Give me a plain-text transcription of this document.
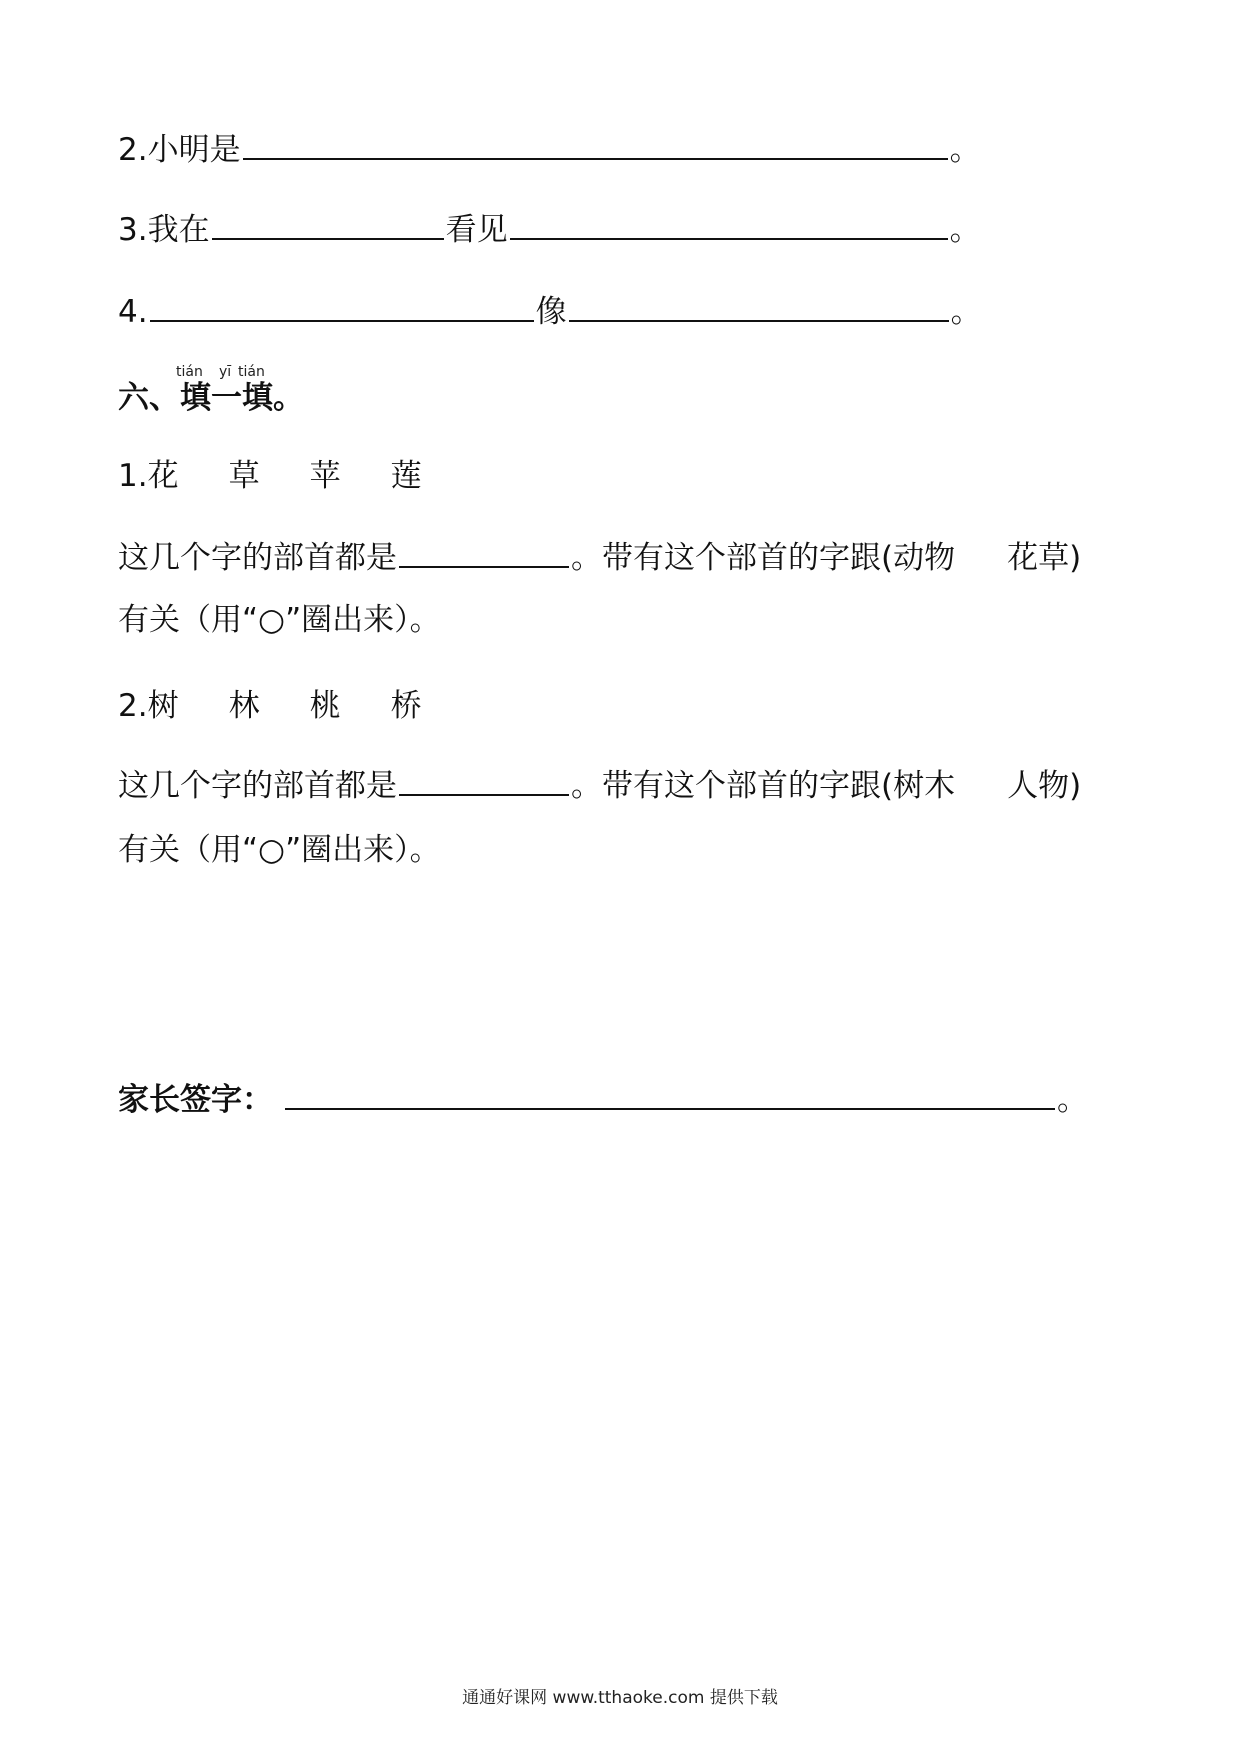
2.小明是	。
3.我在	看见	。
4.	像	。
六、
tián
填
yī
一
tián
填。
1.花 草 苹 莲
这几个字的部首都是	。带有这个部首的字跟(动物 花草)
有关（用“○”圈出来）。
2.树 林 桃 桥
这几个字的部首都是	。带有这个部首的字跟(树木 人物)
有关（用“○”圈出来）。
家长签字：	。
通通好课网 www.tthaoke.com 提供下载
